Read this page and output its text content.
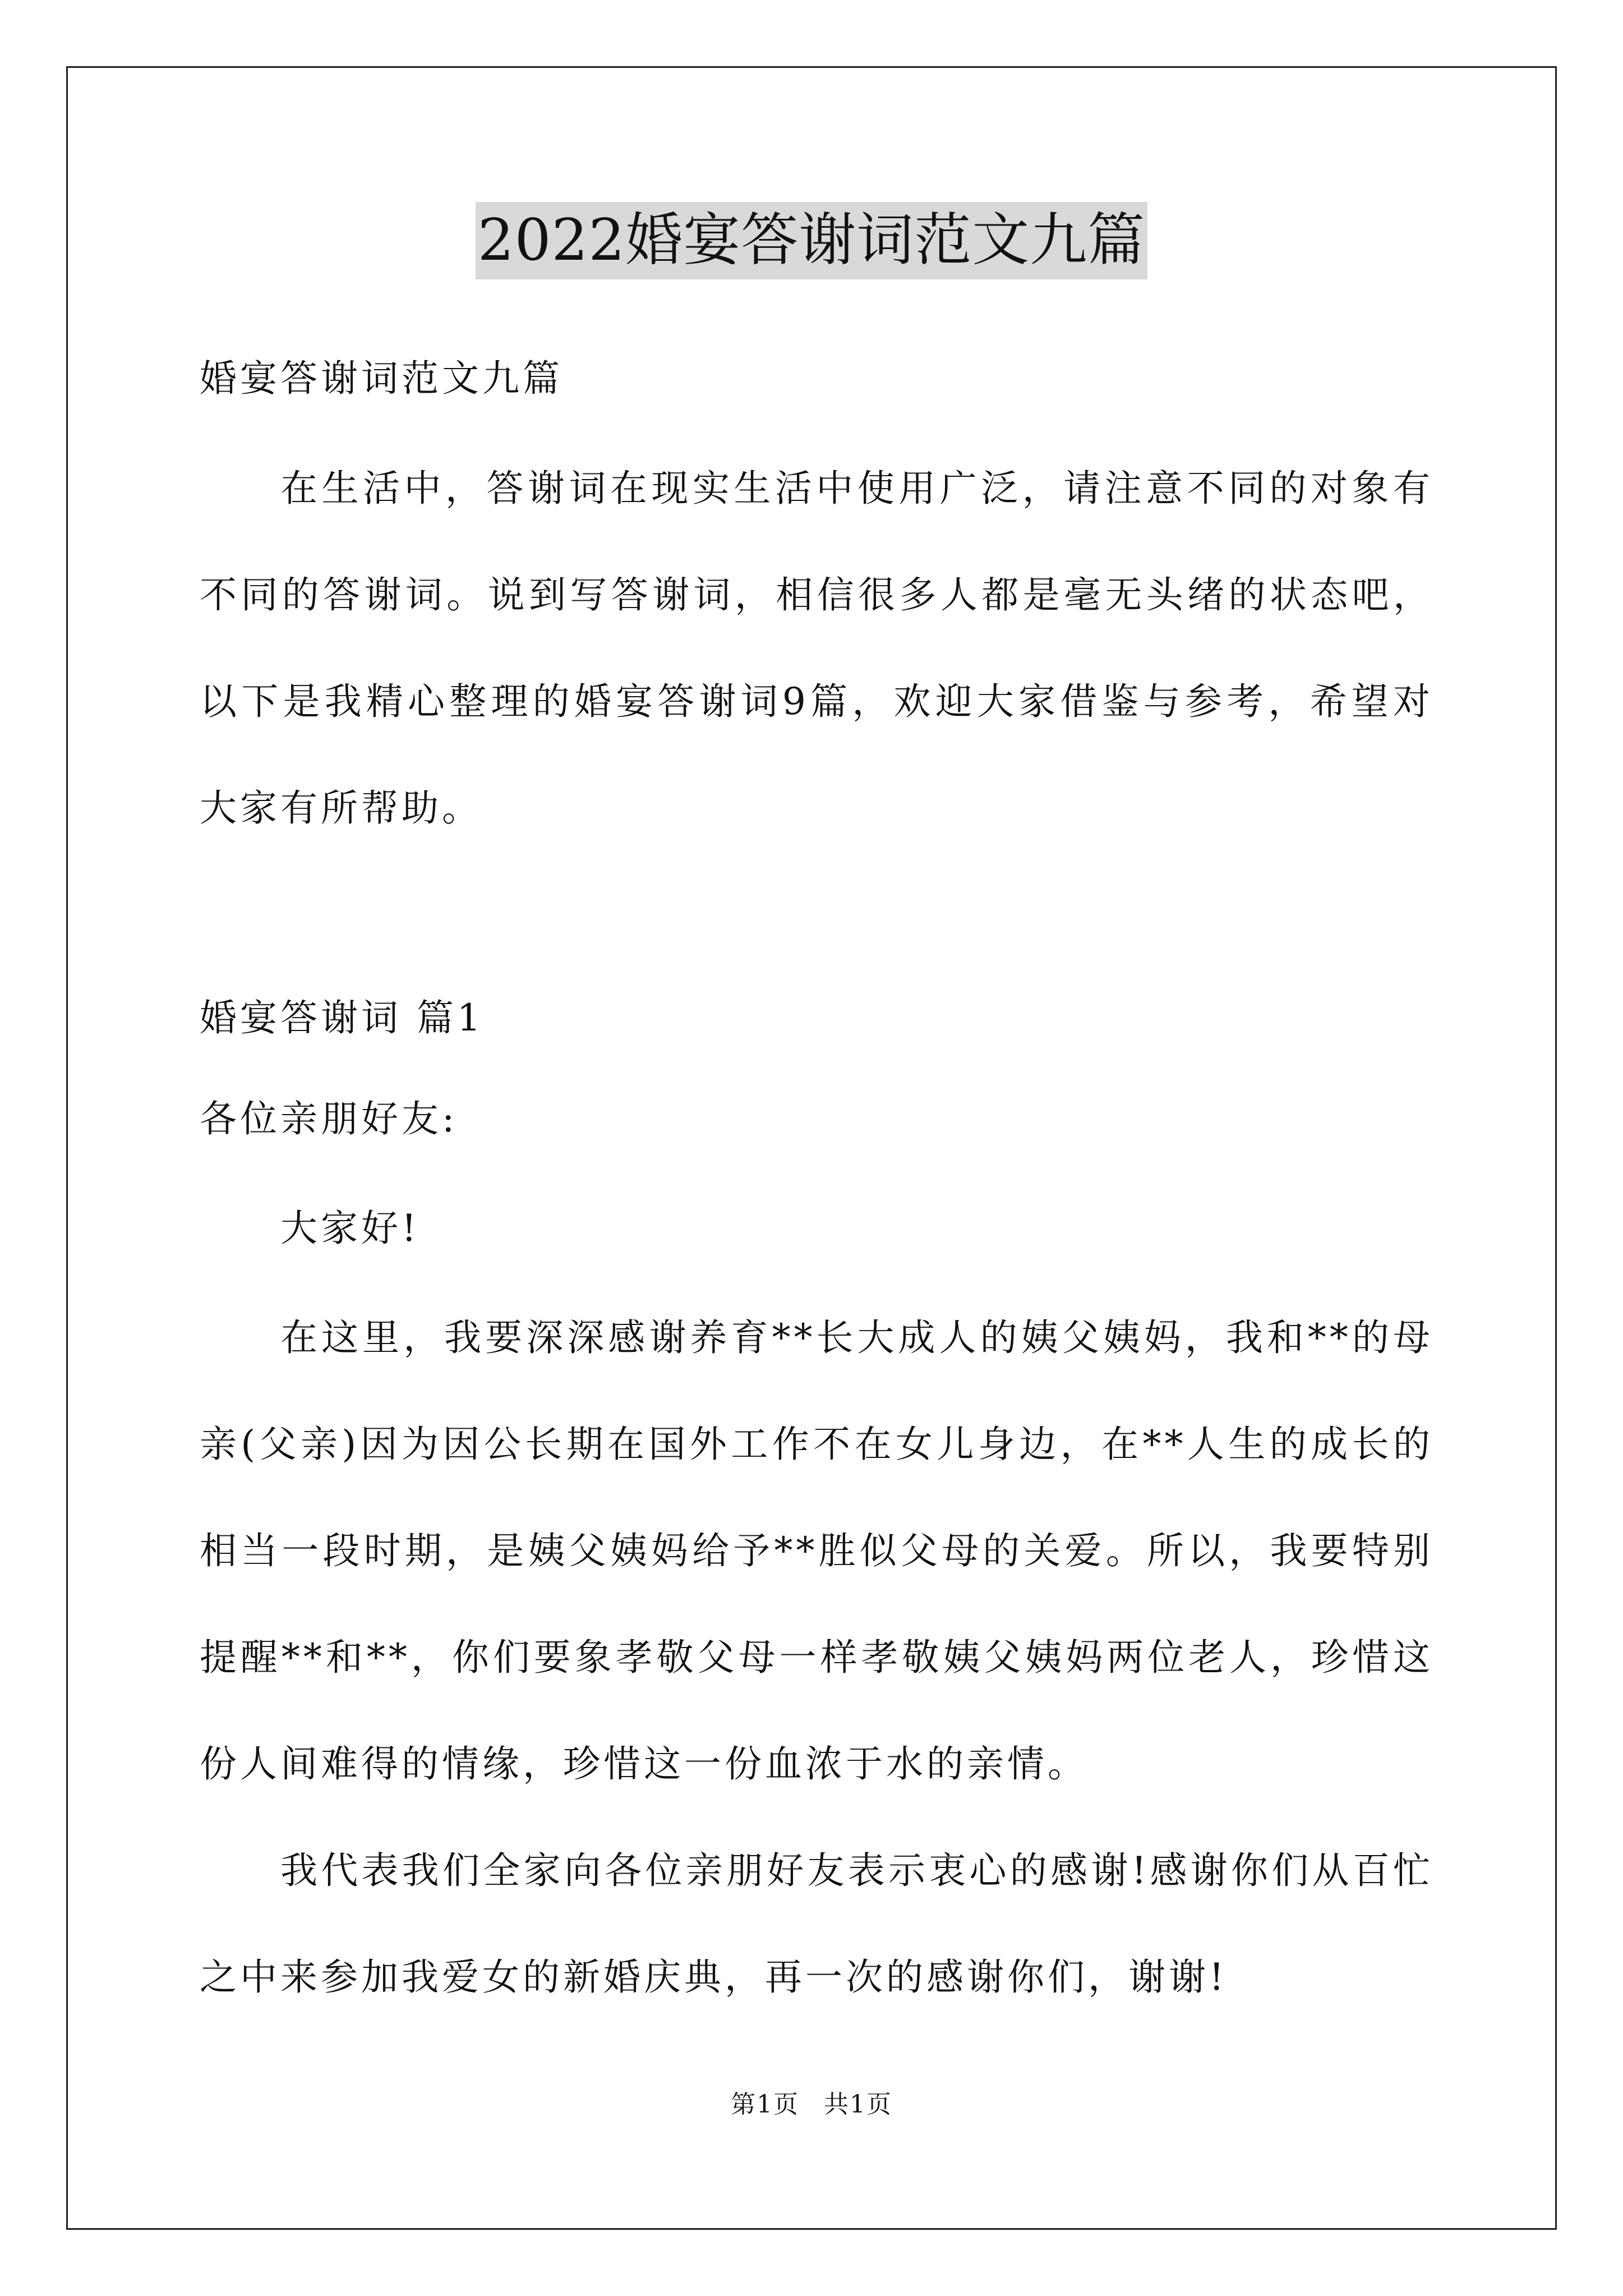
2022婚宴答谢词范文九篇
婚宴答谢词范文九篇
在生活中，答谢词在现实生活中使用广泛，请注意不同的对象有不同的答谢词。说到写答谢词，相信很多人都是毫无头绪的状态吧，以下是我精心整理的婚宴答谢词9篇，欢迎大家借鉴与参考，希望对大家有所帮助。
婚宴答谢词 篇1
各位亲朋好友:
大家好!
在这里，我要深深感谢养育**长大成人的姨父姨妈，我和**的母亲(父亲)因为因公长期在国外工作不在女儿身边，在**人生的成长的相当一段时期，是姨父姨妈给予**胜似父母的关爱。所以，我要特别提醒**和**，你们要象孝敬父母一样孝敬姨父姨妈两位老人，珍惜这份人间难得的情缘，珍惜这一份血浓于水的亲情。
我代表我们全家向各位亲朋好友表示衷心的感谢!感谢你们从百忙之中来参加我爱女的新婚庆典，再一次的感谢你们，谢谢!
第1页 共1页
